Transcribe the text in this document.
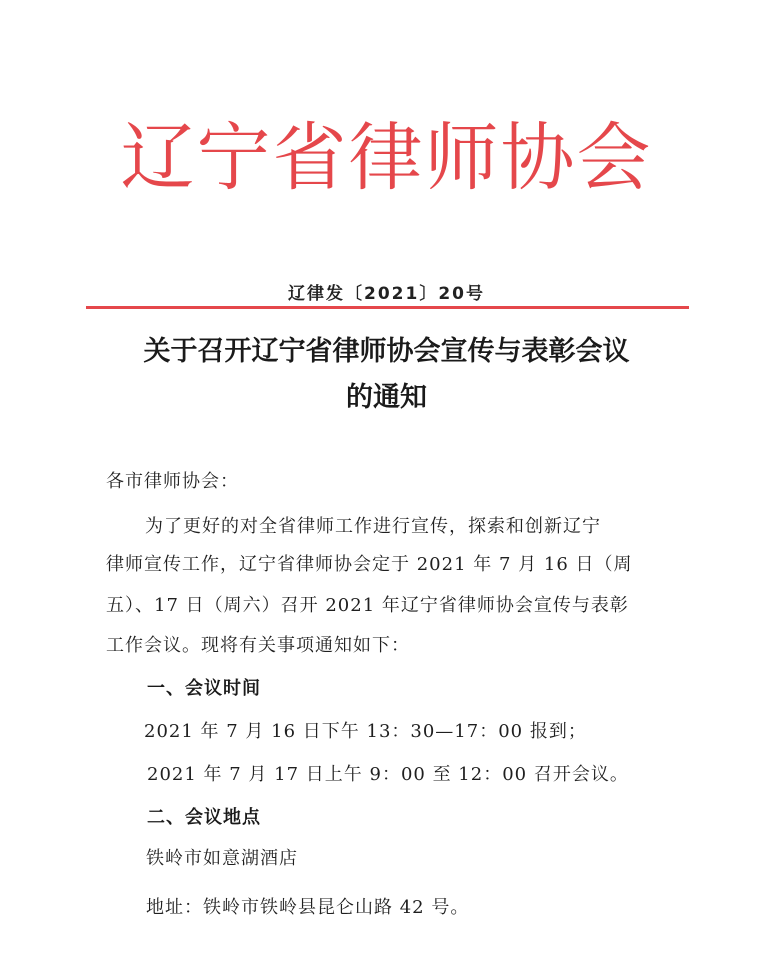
辽宁省律师协会
辽律发〔2021〕20号
关于召开辽宁省律师协会宣传与表彰会议
的通知
各市律师协会：
为了更好的对全省律师工作进行宣传，探索和创新辽宁
律师宣传工作，辽宁省律师协会定于 2021 年 7 月 16 日（周
五）、17 日（周六）召开 2021 年辽宁省律师协会宣传与表彰
工作会议。现将有关事项通知如下：
一、会议时间
2021 年 7 月 16 日下午 13：30—17：00 报到；
2021 年 7 月 17 日上午 9：00 至 12：00 召开会议。
二、会议地点
铁岭市如意湖酒店
地址：铁岭市铁岭县昆仑山路 42 号。
